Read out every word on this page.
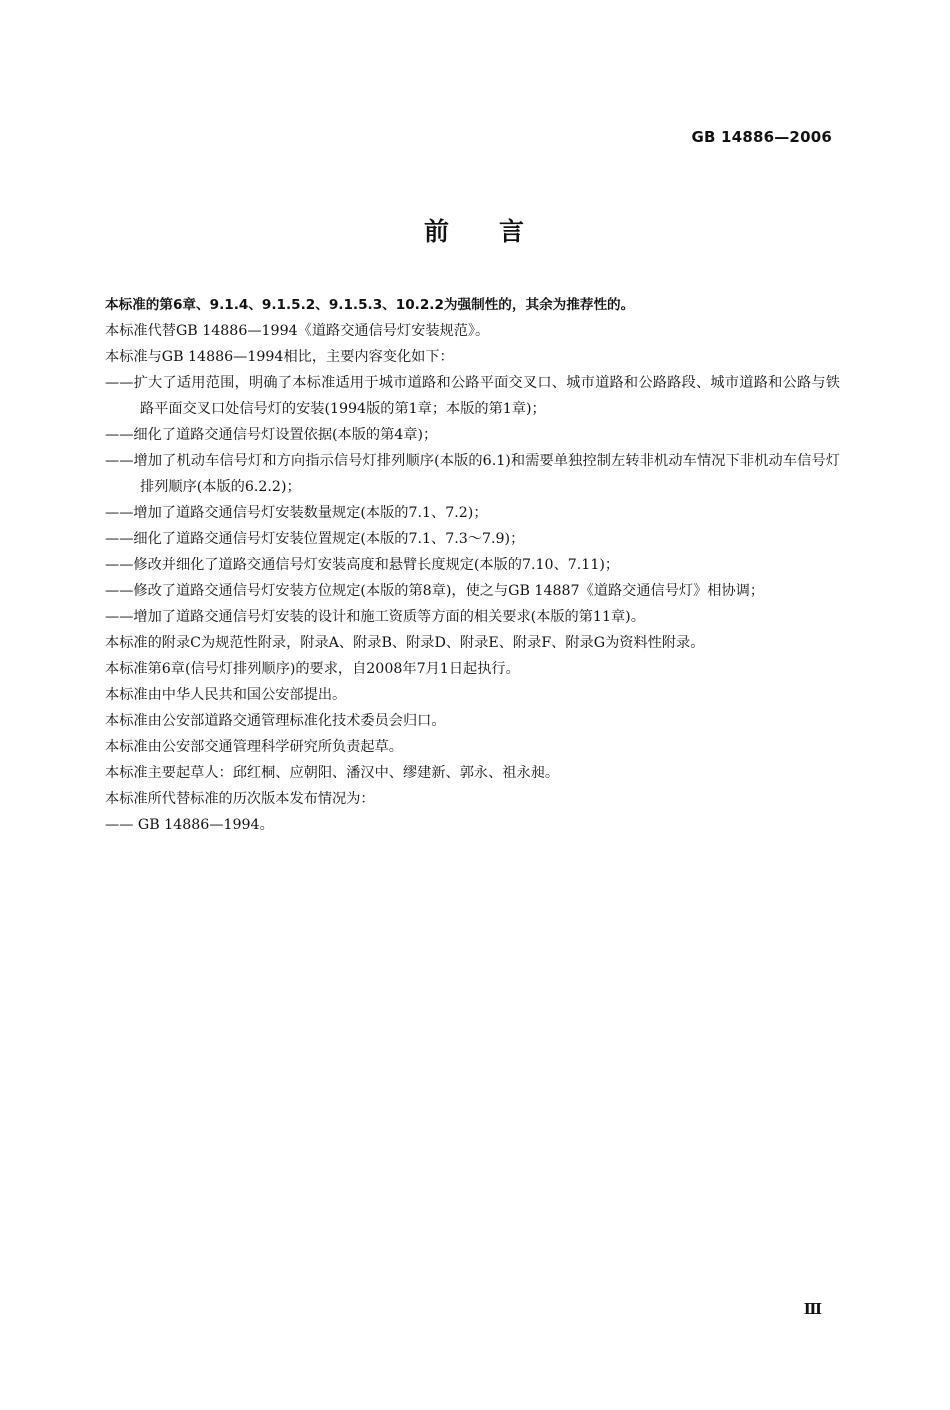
GB 14886—2006
前 言

本标准的第6章、9.1.4、9.1.5.2、9.1.5.3、10.2.2为强制性的，其余为推荐性的。

本标准代替GB 14886—1994《道路交通信号灯安装规范》。

本标准与GB 14886—1994相比，主要内容变化如下：

——扩大了适用范围，明确了本标准适用于城市道路和公路平面交叉口、城市道路和公路路段、城市道路和公路与铁路平面交叉口处信号灯的安装(1994版的第1章；本版的第1章)；

——细化了道路交通信号灯设置依据(本版的第4章)；

——增加了机动车信号灯和方向指示信号灯排列顺序(本版的6.1)和需要单独控制左转非机动车情况下非机动车信号灯排列顺序(本版的6.2.2)；

——增加了道路交通信号灯安装数量规定(本版的7.1、7.2)；

——细化了道路交通信号灯安装位置规定(本版的7.1、7.3～7.9)；

——修改并细化了道路交通信号灯安装高度和悬臂长度规定(本版的7.10、7.11)；

——修改了道路交通信号灯安装方位规定(本版的第8章)，使之与GB 14887《道路交通信号灯》相协调；

——增加了道路交通信号灯安装的设计和施工资质等方面的相关要求(本版的第11章)。

本标准的附录C为规范性附录，附录A、附录B、附录D、附录E、附录F、附录G为资料性附录。

本标准第6章(信号灯排列顺序)的要求，自2008年7月1日起执行。

本标准由中华人民共和国公安部提出。

本标准由公安部道路交通管理标准化技术委员会归口。

本标准由公安部交通管理科学研究所负责起草。

本标准主要起草人：邱红桐、应朝阳、潘汉中、缪建新、郭永、祖永昶。

本标准所代替标准的历次版本发布情况为：

—— GB 14886—1994。

Ⅲ
